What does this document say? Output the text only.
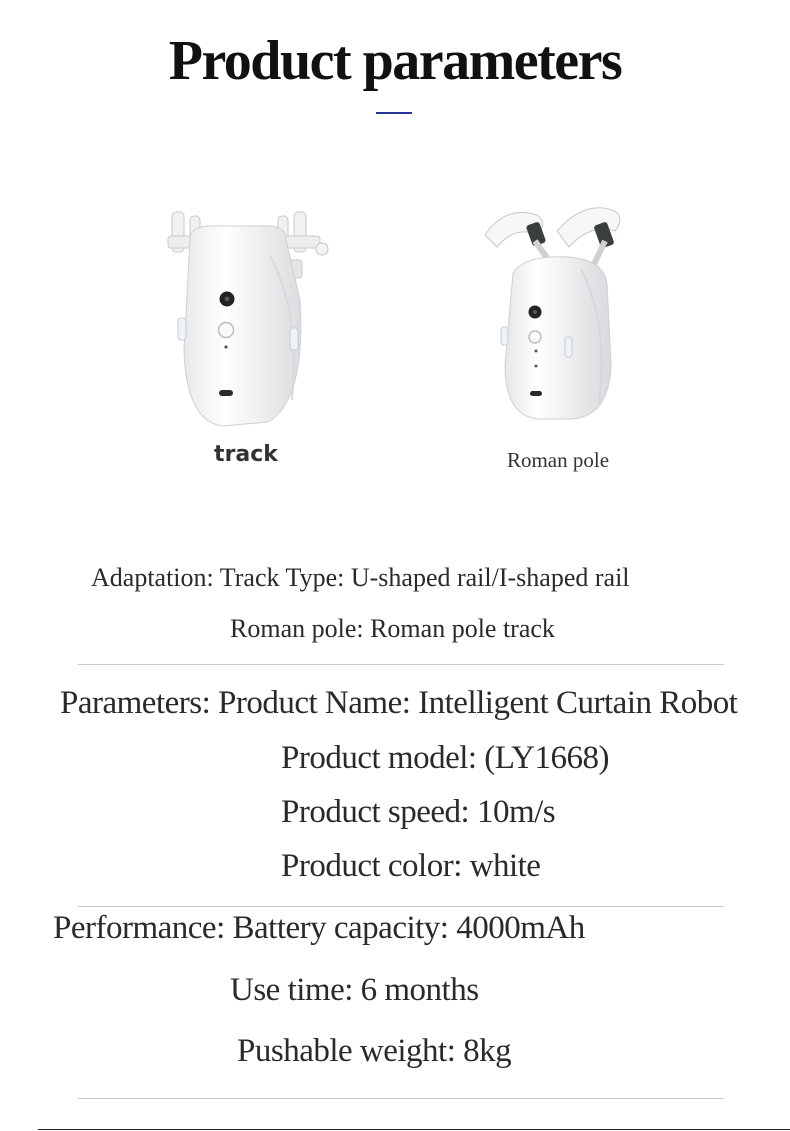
Product parameters
track	Roman pole
Adaptation: Track Type: U-shaped rail/I-shaped rail
Roman pole: Roman pole track
Parameters: Product Name: Intelligent Curtain Robot
Product model: (LY1668)
Product speed: 10m/s
Product color: white
Performance: Battery capacity: 4000mAh
Use time: 6 months
Pushable weight: 8kg
